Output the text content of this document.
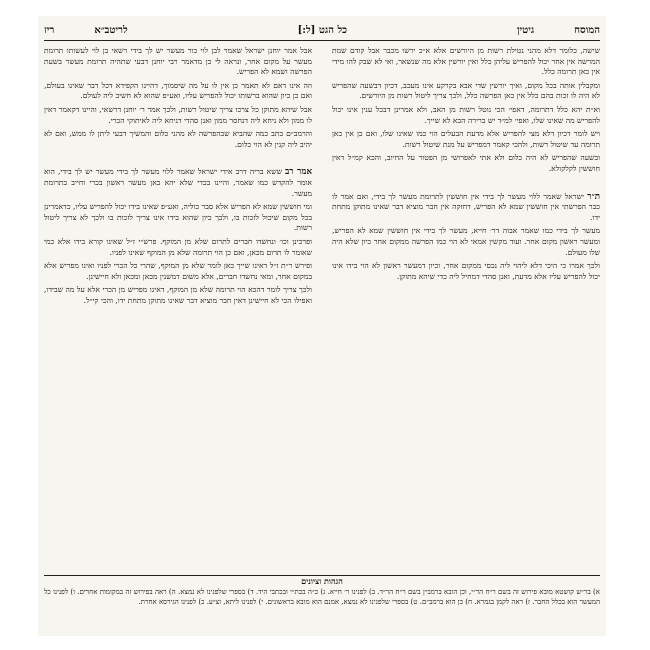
המוסח
גיטין
כל הגט [ל:]
לריטב״א
ריז

שישה, כלומר דלא מהני נטילת רשות מן היורשים אלא א״כ ירשו מכבר אבל קודם שמת המרשה אין אחר יכול להפריש עליהן כלל ואין יורשין אלא מה שנשאר, ואי לא שבק להו מידי אין כאן תרומה כלל.

ומקבלין אותה בכל מקום, ואיך יורשין שדי אבא בקרקע אינו מעכב, דכיון דבשעה שהפריש לא היה לו זכות בהם כלל אין כאן הפרשה כלל, ולכך צריך ליטול רשות מן היורשים.

וא״ת יהא כלל דתרומה, דאפי׳ הכי נוטל רשות מן האב, ולא אמרינן דבכל ענין אינו יכול להפריש מה שאינו שלו, ואפי׳ למ״ד יש ברירה הכא לא שייך.

ויש לומר דכיון דלא מצי להפריש אלא מדעת הבעלים הוי כמו שאינו שלו, ואם כן אין כאן תרומה עד שיטול רשות, ולהכי קאמר דמפריש על מנת שיטול רשות.

ובשעה שהפריש לא היה כלום ולא אתי לאפרושי מן הפטור על החיוב, והכא קמ״ל דאין חוששין לקלקולא.

ת״ר ישראל שאמר ללוי מעשר לך בידי אין חוששין לתרומת מעשר לך בידי, ואם אמר לו כבר הפרשתי אין חוששין שמא לא הפריש, דחזקה אין חבר מוציא דבר שאינו מתוקן מתחת ידו.

מעשר לך בידי כמו שאמר אבוה דר׳ חייא, מעשר לך בידי אין חוששין שמא לא הפריש, ומעשר ראשון מקום אחר. ועוד מקשין אמאי לא הוי כמו הפרשה ממקום אחר כיון שלא היה שלו מעולם.

ולכך אמרו כי היכי דלא ליהוי ליה נכסי ממקום אחר, וכיון דמעשר ראשון לא הוי בידו אינו יכול להפריש עליו אלא מדעת, ואנן סהדי דמחיל ליה כדי שיהא מתוקן.

אבל אמר יוחנן ישראל שאמר לבן לוי כור מעשר יש לך בידי רשאי בן לוי לעשותו תרומת מעשר על מקום אחר, ונראה לי כן מדאמר רבי יוחנן דבעי שתהיה תרומת מעשר בשעת הפרשה ושמא לא הפריש.

וזה אינו דאם לא תאמר כן אין לו על מה שיסמוך, דהיינו הקפידא דכל דבר שאינו בעולם, ואם כן כיון שהוא ברשותו יכול להפריש עליו, ואע״פ שהוא לא חשיב ליה לעולם.

אבל שיהא מתוקן כל צרכו צריך שיטול רשות, ולכך אמר ר׳ יוחנן דרשאי, והיינו דקאמר דאין לו ממון ולא ניחא ליה דנחסר ממון ואנן סהדי דניחא ליה לאיתוקי הכרי.

והרמב״ם כתב כמה שהביא שבהפרשה לא מהני כלום והמשיך דבעי ליתן לו ממש, ואם לא יהיב ליה קנין לא הוי כלום.

אמר רב ששא בריה דרב אידי ישראל שאמר ללוי מעשר לך בידי מעשר יש לך בידי, הוא אומר להקדש כמו שאמר, והיינו בכדי שלא יהא כאן מעשר ראשון בכרי וחייב בתרומת מעשר.

ומי חוששין שמא לא הפריש אלא סבר כוליה, ואע״פ שאינו בידו יכול להפריש עליו, כדאמרינן בכל מקום שיכול לזכות בו, ולכך כיון שהוא בידו אינו צריך לזכות בו ולכך לא צריך ליטול רשות.

ופרכינן וכו׳ ונחשדו חברים לתרום שלא מן המוקף. פרש״י ז״ל שאינו קורא בידו אלא כמי שאומר לו תרום מכאן, ואם כן הוי תרומה שלא מן המוקף שאינו לפניו.

ופירש ר״ת ז״ל דאינו שייך כאן לומר שלא מן המוקף, שהרי כל הכרי לפניו ואינו מפריש אלא במקום אחר, ומאי נחשדו חברים, אלא משום דמשנין מכאן ומכאן ולא חיישינן.

ולכך צריך לומר דהכא הוי תרומה שלא מן המוקף, דאינו מפריש מן הכרי אלא על מה שבידו, ואפילו הכי לא חיישינן דאין חבר מוציא דבר שאינו מתוקן מתחת ידו, והכי קי״ל.

הגהות וציונים
א) בר״ש קושטא מובא פירוש זה בשם ר״ח הר״י, וכן הובא ברמב״ן בשם ר״ח הר״ד. ב) לפנינו ר׳ חייא. ג) כ״ה בכת״י ובכתבי היד. ד) בספרי שלפנינו לא נמצא. ה) ראה בפירוש זה במקומות אחרים. ו) לפנינו כל המעשר הוא בכלל החבר. ז) ראה לקמן בגמרא. ח) כן הוא ברמב״ם. ט) בספרי שלפנינו לא נמצא, אמנם הוא מובא בראשונים. י) לפנינו ליתא, וצ״ע. כ) לפנינו הגירסא אחרת.
